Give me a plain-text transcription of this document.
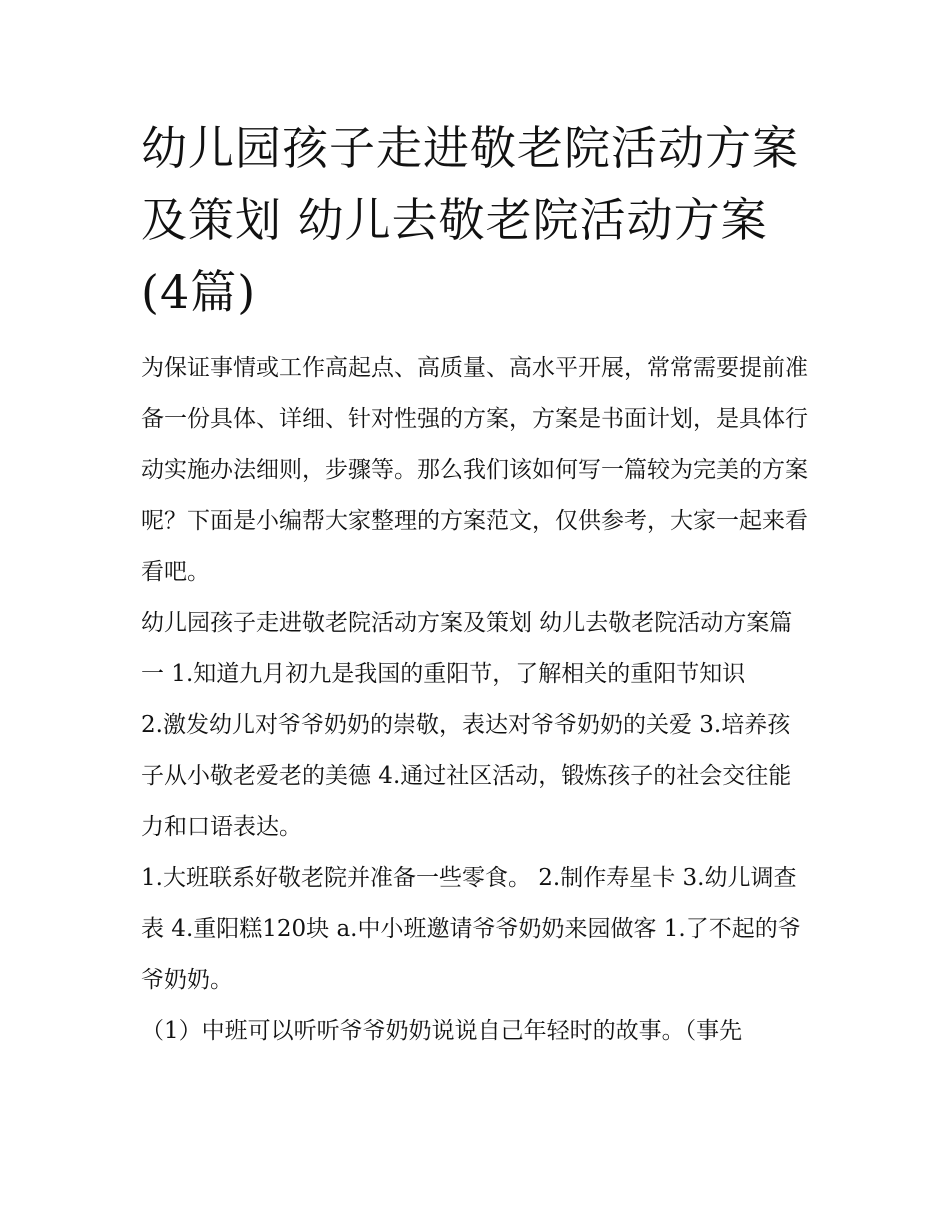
幼儿园孩子走进敬老院活动方案及策划 幼儿去敬老院活动方案(4篇)

为保证事情或工作高起点、高质量、高水平开展，常常需要提前准备一份具体、详细、针对性强的方案，方案是书面计划，是具体行动实施办法细则，步骤等。那么我们该如何写一篇较为完美的方案呢？下面是小编帮大家整理的方案范文，仅供参考，大家一起来看看吧。

幼儿园孩子走进敬老院活动方案及策划 幼儿去敬老院活动方案篇一 1.知道九月初九是我国的重阳节，了解相关的重阳节知识

2.激发幼儿对爷爷奶奶的崇敬，表达对爷爷奶奶的关爱 3.培养孩子从小敬老爱老的美德 4.通过社区活动，锻炼孩子的社会交往能力和口语表达。

1.大班联系好敬老院并准备一些零食。 2.制作寿星卡 3.幼儿调查表 4.重阳糕120块 a.中小班邀请爷爷奶奶来园做客 1.了不起的爷爷奶奶。

（1）中班可以听听爷爷奶奶说说自己年轻时的故事。（事先
